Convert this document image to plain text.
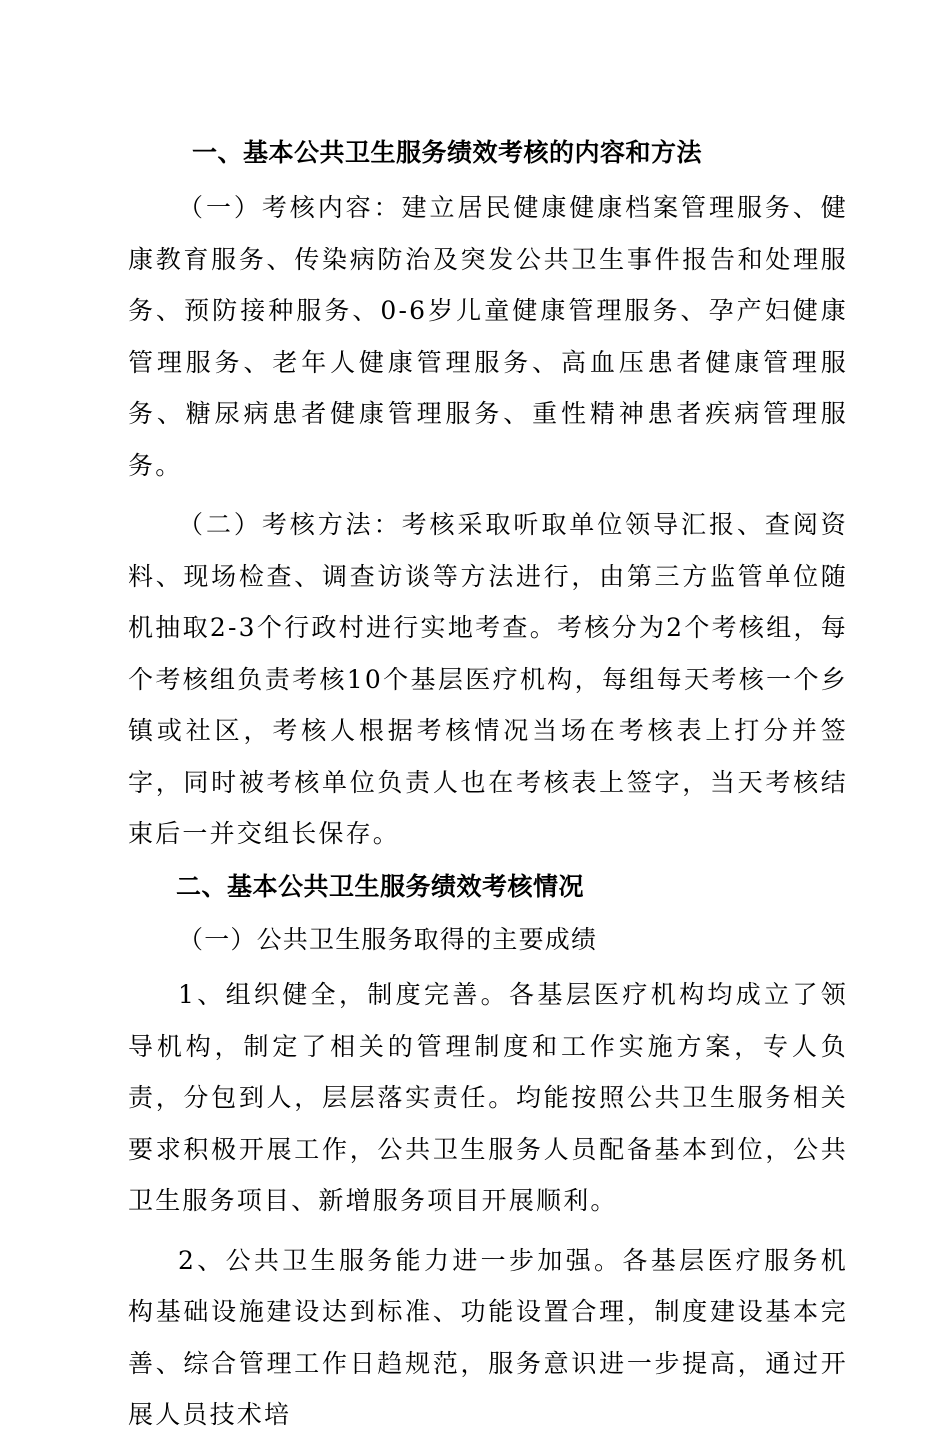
一、基本公共卫生服务绩效考核的内容和方法

（一）考核内容：建立居民健康健康档案管理服务、健康教育服务、传染病防治及突发公共卫生事件报告和处理服务、预防接种服务、0-6岁儿童健康管理服务、孕产妇健康管理服务、老年人健康管理服务、高血压患者健康管理服务、糖尿病患者健康管理服务、重性精神患者疾病管理服务。

（二）考核方法：考核采取听取单位领导汇报、查阅资料、现场检查、调查访谈等方法进行，由第三方监管单位随机抽取2-3个行政村进行实地考查。考核分为2个考核组，每个考核组负责考核10个基层医疗机构，每组每天考核一个乡镇或社区，考核人根据考核情况当场在考核表上打分并签字，同时被考核单位负责人也在考核表上签字，当天考核结束后一并交组长保存。

二、基本公共卫生服务绩效考核情况

（一）公共卫生服务取得的主要成绩

1、组织健全，制度完善。各基层医疗机构均成立了领导机构，制定了相关的管理制度和工作实施方案，专人负责，分包到人，层层落实责任。均能按照公共卫生服务相关要求积极开展工作，公共卫生服务人员配备基本到位，公共卫生服务项目、新增服务项目开展顺利。

2、公共卫生服务能力进一步加强。各基层医疗服务机构基础设施建设达到标准、功能设置合理，制度建设基本完善、综合管理工作日趋规范，服务意识进一步提高，通过开展人员技术培
